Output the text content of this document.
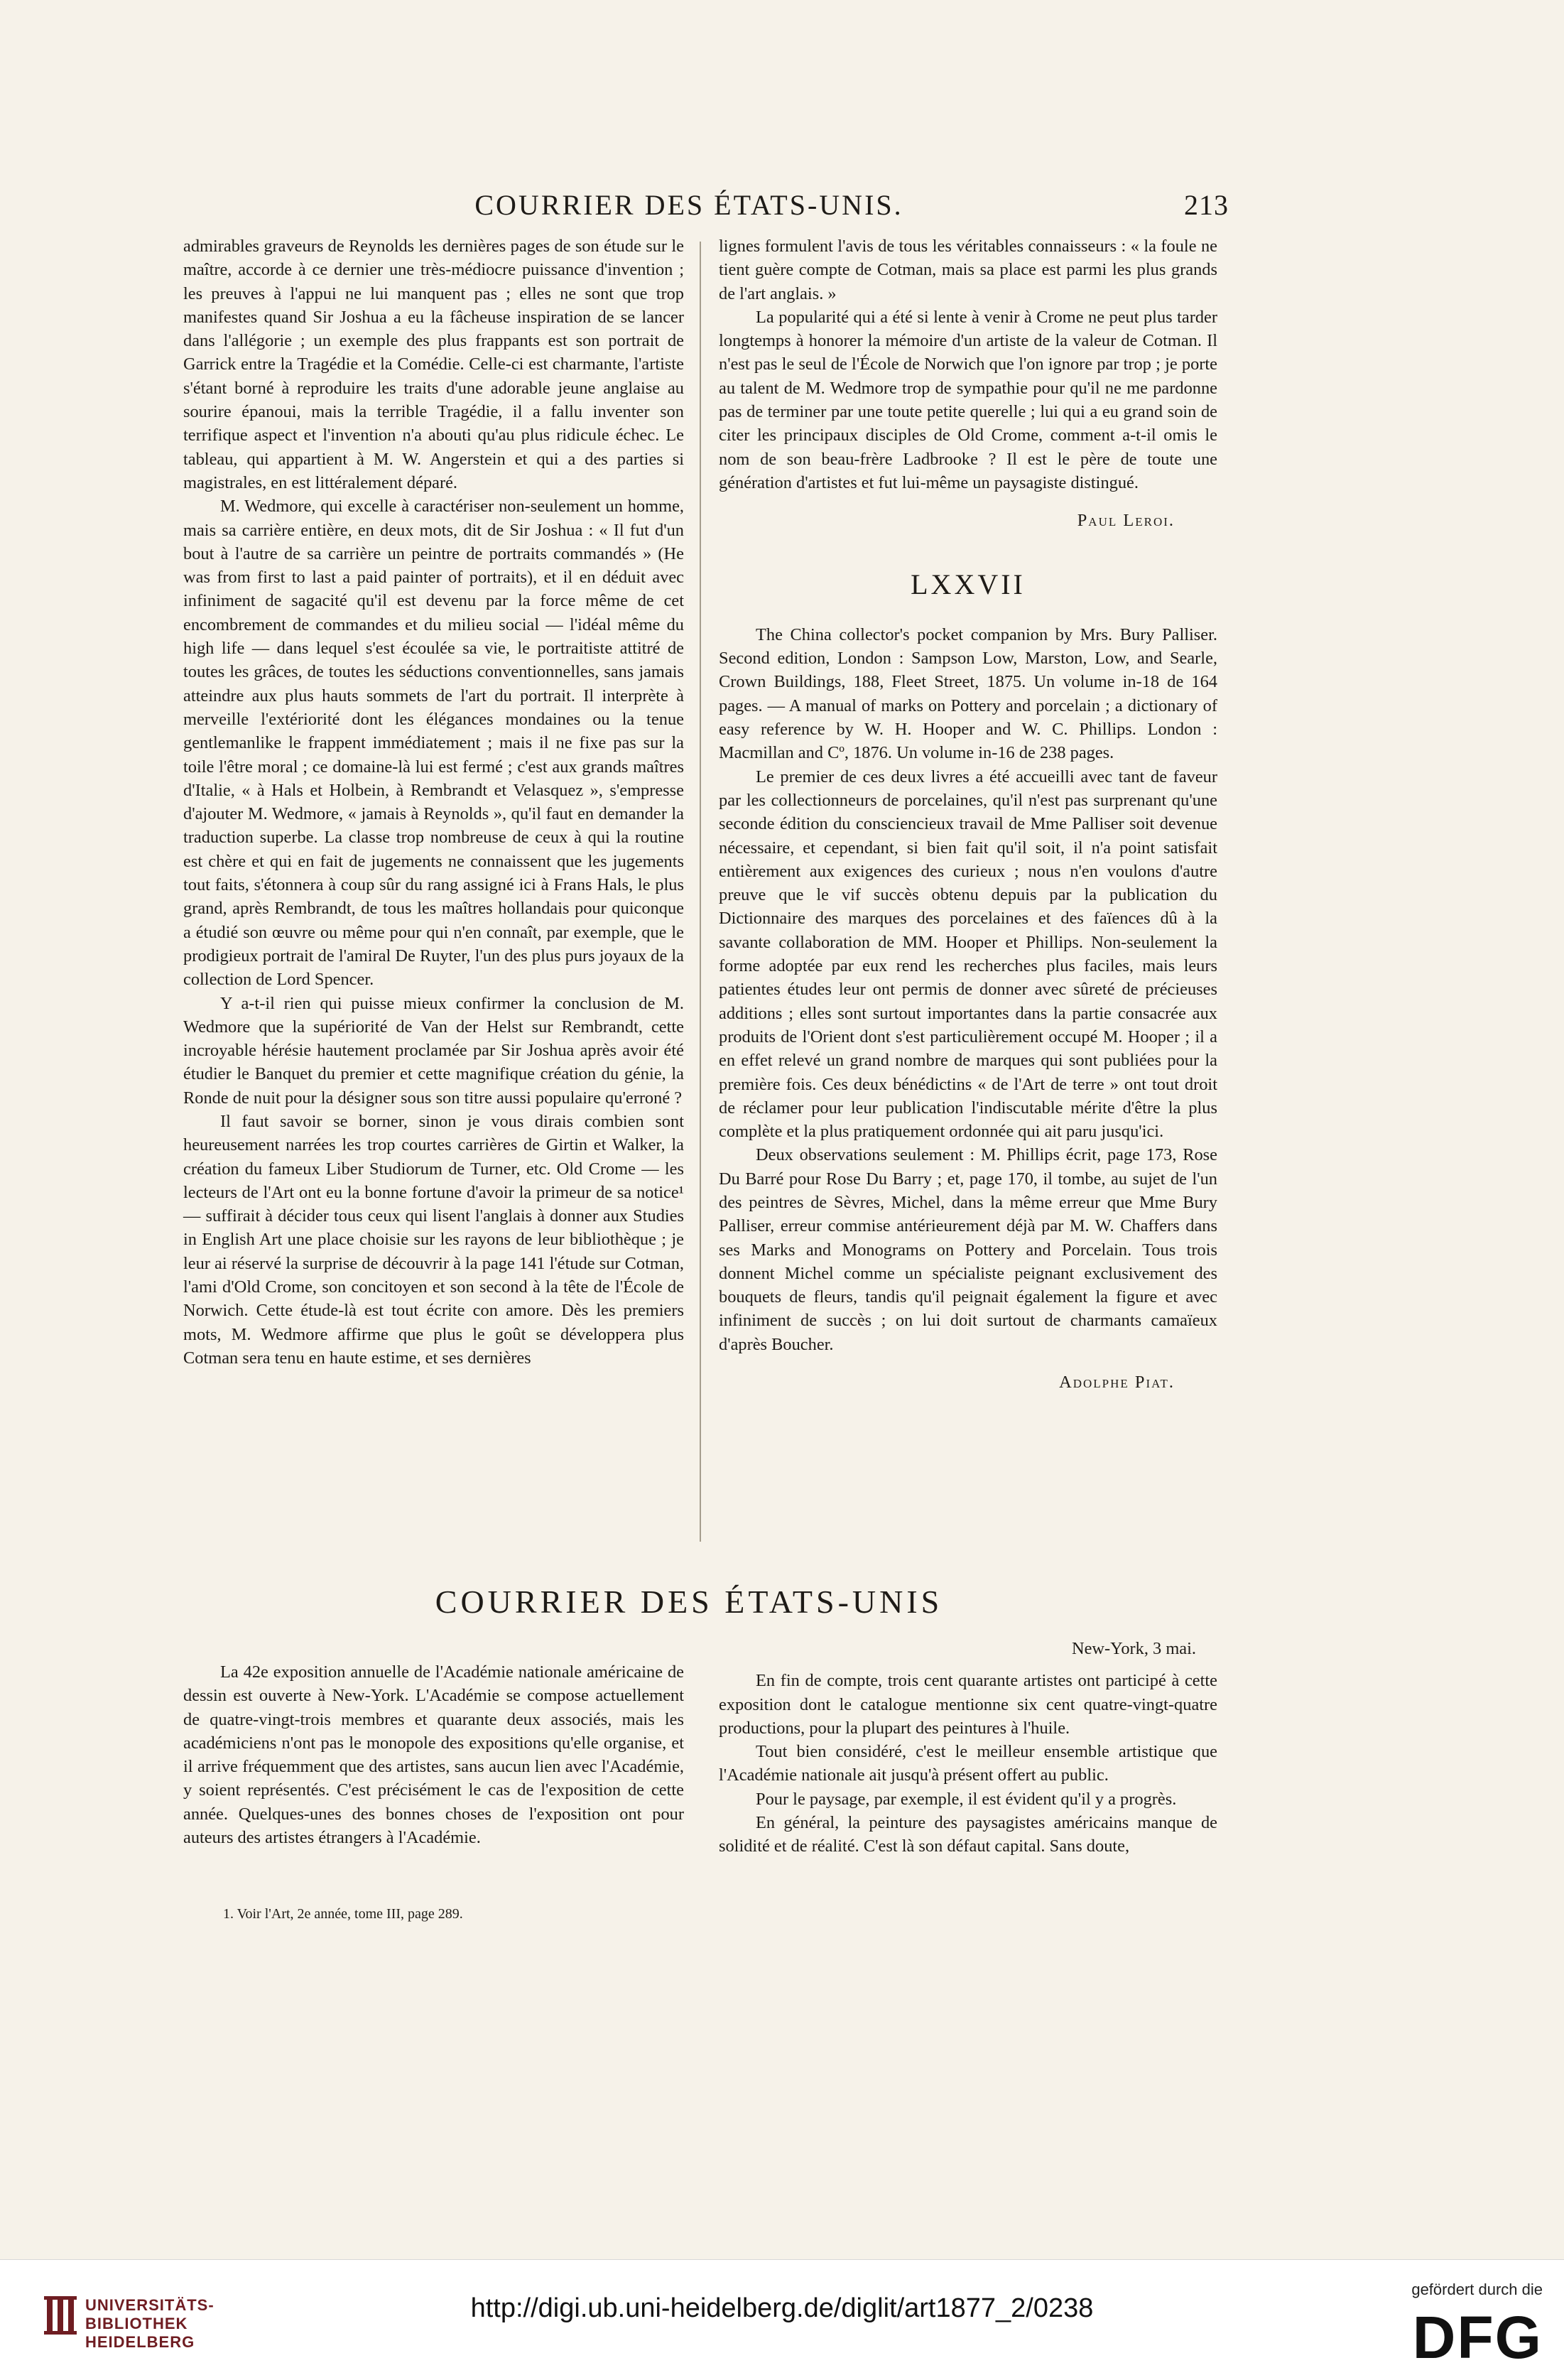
COURRIER DES ÉTATS-UNIS.	213

admirables graveurs de Reynolds les dernières pages de son étude sur le maître, accorde à ce dernier une très-médiocre puissance d'invention ; les preuves à l'appui ne lui manquent pas ; elles ne sont que trop manifestes quand Sir Joshua a eu la fâcheuse inspiration de se lancer dans l'allégorie ; un exemple des plus frappants est son portrait de Garrick entre la Tragédie et la Comédie. Celle-ci est charmante, l'artiste s'étant borné à reproduire les traits d'une adorable jeune anglaise au sourire épanoui, mais la terrible Tragédie, il a fallu inventer son terrifique aspect et l'invention n'a abouti qu'au plus ridicule échec. Le tableau, qui appartient à M. W. Angerstein et qui a des parties si magistrales, en est littéralement déparé.

M. Wedmore, qui excelle à caractériser non-seulement un homme, mais sa carrière entière, en deux mots, dit de Sir Joshua : « Il fut d'un bout à l'autre de sa carrière un peintre de portraits commandés » (He was from first to last a paid painter of portraits), et il en déduit avec infiniment de sagacité qu'il est devenu par la force même de cet encombrement de commandes et du milieu social — l'idéal même du high life — dans lequel s'est écoulée sa vie, le portraitiste attitré de toutes les grâces, de toutes les séductions conventionnelles, sans jamais atteindre aux plus hauts sommets de l'art du portrait. Il interprète à merveille l'extériorité dont les élégances mondaines ou la tenue gentlemanlike le frappent immédiatement ; mais il ne fixe pas sur la toile l'être moral ; ce domaine-là lui est fermé ; c'est aux grands maîtres d'Italie, « à Hals et Holbein, à Rembrandt et Velasquez », s'empresse d'ajouter M. Wedmore, « jamais à Reynolds », qu'il faut en demander la traduction superbe. La classe trop nombreuse de ceux à qui la routine est chère et qui en fait de jugements ne connaissent que les jugements tout faits, s'étonnera à coup sûr du rang assigné ici à Frans Hals, le plus grand, après Rembrandt, de tous les maîtres hollandais pour quiconque a étudié son œuvre ou même pour qui n'en connaît, par exemple, que le prodigieux portrait de l'amiral De Ruyter, l'un des plus purs joyaux de la collection de Lord Spencer.

Y a-t-il rien qui puisse mieux confirmer la conclusion de M. Wedmore que la supériorité de Van der Helst sur Rembrandt, cette incroyable hérésie hautement proclamée par Sir Joshua après avoir été étudier le Banquet du premier et cette magnifique création du génie, la Ronde de nuit pour la désigner sous son titre aussi populaire qu'erroné ?

Il faut savoir se borner, sinon je vous dirais combien sont heureusement narrées les trop courtes carrières de Girtin et Walker, la création du fameux Liber Studiorum de Turner, etc. Old Crome — les lecteurs de l'Art ont eu la bonne fortune d'avoir la primeur de sa notice¹ — suffirait à décider tous ceux qui lisent l'anglais à donner aux Studies in English Art une place choisie sur les rayons de leur bibliothèque ; je leur ai réservé la surprise de découvrir à la page 141 l'étude sur Cotman, l'ami d'Old Crome, son concitoyen et son second à la tête de l'École de Norwich. Cette étude-là est tout écrite con amore. Dès les premiers mots, M. Wedmore affirme que plus le goût se développera plus Cotman sera tenu en haute estime, et ses dernières

lignes formulent l'avis de tous les véritables connaisseurs : « la foule ne tient guère compte de Cotman, mais sa place est parmi les plus grands de l'art anglais. »

La popularité qui a été si lente à venir à Crome ne peut plus tarder longtemps à honorer la mémoire d'un artiste de la valeur de Cotman. Il n'est pas le seul de l'École de Norwich que l'on ignore par trop ; je porte au talent de M. Wedmore trop de sympathie pour qu'il ne me pardonne pas de terminer par une toute petite querelle ; lui qui a eu grand soin de citer les principaux disciples de Old Crome, comment a-t-il omis le nom de son beau-frère Ladbrooke ? Il est le père de toute une génération d'artistes et fut lui-même un paysagiste distingué.

Paul Leroi.
LXXVII

The China collector's pocket companion by Mrs. Bury Palliser. Second edition, London : Sampson Low, Marston, Low, and Searle, Crown Buildings, 188, Fleet Street, 1875. Un volume in-18 de 164 pages. — A manual of marks on Pottery and porcelain ; a dictionary of easy reference by W. H. Hooper and W. C. Phillips. London : Macmillan and Cº, 1876. Un volume in-16 de 238 pages.

Le premier de ces deux livres a été accueilli avec tant de faveur par les collectionneurs de porcelaines, qu'il n'est pas surprenant qu'une seconde édition du consciencieux travail de Mme Palliser soit devenue nécessaire, et cependant, si bien fait qu'il soit, il n'a point satisfait entièrement aux exigences des curieux ; nous n'en voulons d'autre preuve que le vif succès obtenu depuis par la publication du Dictionnaire des marques des porcelaines et des faïences dû à la savante collaboration de MM. Hooper et Phillips. Non-seulement la forme adoptée par eux rend les recherches plus faciles, mais leurs patientes études leur ont permis de donner avec sûreté de précieuses additions ; elles sont surtout importantes dans la partie consacrée aux produits de l'Orient dont s'est particulièrement occupé M. Hooper ; il a en effet relevé un grand nombre de marques qui sont publiées pour la première fois. Ces deux bénédictins « de l'Art de terre » ont tout droit de réclamer pour leur publication l'indiscutable mérite d'être la plus complète et la plus pratiquement ordonnée qui ait paru jusqu'ici.

Deux observations seulement : M. Phillips écrit, page 173, Rose Du Barré pour Rose Du Barry ; et, page 170, il tombe, au sujet de l'un des peintres de Sèvres, Michel, dans la même erreur que Mme Bury Palliser, erreur commise antérieurement déjà par M. W. Chaffers dans ses Marks and Monograms on Pottery and Porcelain. Tous trois donnent Michel comme un spécialiste peignant exclusivement des bouquets de fleurs, tandis qu'il peignait également la figure et avec infiniment de succès ; on lui doit surtout de charmants camaïeux d'après Boucher.

Adolphe Piat.
COURRIER DES ÉTATS-UNIS

La 42e exposition annuelle de l'Académie nationale américaine de dessin est ouverte à New-York. L'Académie se compose actuellement de quatre-vingt-trois membres et quarante deux associés, mais les académiciens n'ont pas le monopole des expositions qu'elle organise, et il arrive fréquemment que des artistes, sans aucun lien avec l'Académie, y soient représentés. C'est précisément le cas de l'exposition de cette année. Quelques-unes des bonnes choses de l'exposition ont pour auteurs des artistes étrangers à l'Académie.

New-York, 3 mai.

En fin de compte, trois cent quarante artistes ont participé à cette exposition dont le catalogue mentionne six cent quatre-vingt-quatre productions, pour la plupart des peintures à l'huile.

Tout bien considéré, c'est le meilleur ensemble artistique que l'Académie nationale ait jusqu'à présent offert au public.

Pour le paysage, par exemple, il est évident qu'il y a progrès.

En général, la peinture des paysagistes américains manque de solidité et de réalité. C'est là son défaut capital. Sans doute,

1. Voir l'Art, 2e année, tome III, page 289.
UNIVERSITÄTS-
BIBLIOTHEK
HEIDELBERG
http://digi.ub.uni-heidelberg.de/diglit/art1877_2/0238
gefördert durch die
DFG
